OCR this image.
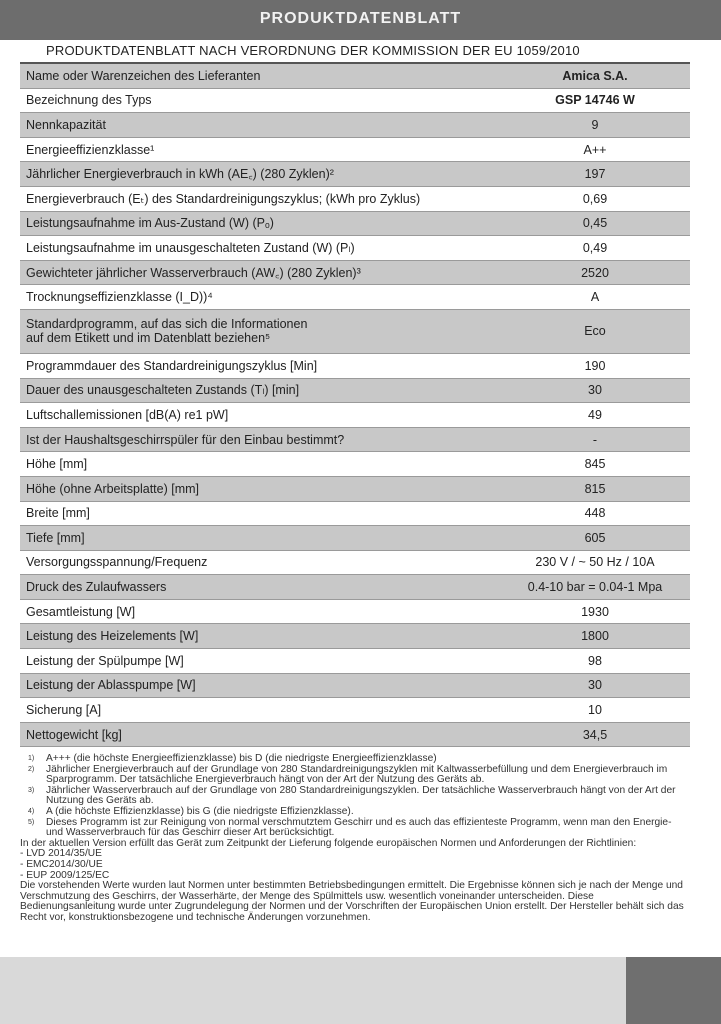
PRODUKTDATENBLATT
PRODUKTDATENBLATT NACH VERORDNUNG DER KOMMISSION DER EU 1059/2010
Name oder Warenzeichen des Lieferanten	Amica S.A.
Bezeichnung des Typs	GSP 14746 W
Nennkapazität	9
Energieeffizienzklasse¹	A++
Jährlicher Energieverbrauch in kWh (AE꜀) (280 Zyklen)²	197
Energieverbrauch (Eₜ) des Standardreinigungszyklus; (kWh pro Zyklus)	0,69
Leistungsaufnahme im Aus-Zustand (W) (Pₒ)	0,45
Leistungsaufnahme im unausgeschalteten Zustand (W) (Pₗ)	0,49
Gewichteter jährlicher Wasserverbrauch (AW꜀) (280 Zyklen)³	2520
Trocknungseffizienzklasse (I_D))⁴	A
Standardprogramm, auf das sich die Informationen
auf dem Etikett und im Datenblatt beziehen⁵	Eco
Programmdauer des Standardreinigungszyklus [Min]	190
Dauer des unausgeschalteten Zustands (Tₗ) [min]	30
Luftschallemissionen [dB(A) re1 pW]	49
Ist der Haushaltsgeschirrspüler für den Einbau bestimmt?	-
Höhe [mm]	845
Höhe (ohne Arbeitsplatte) [mm]	815
Breite [mm]	448
Tiefe [mm]	605
Versorgungsspannung/Frequenz	230 V / ~ 50 Hz / 10A
Druck des Zulaufwassers	0.4-10 bar = 0.04-1 Mpa
Gesamtleistung [W]	1930
Leistung des Heizelements [W]	1800
Leistung der Spülpumpe [W]	98
Leistung der Ablasspumpe [W]	30
Sicherung [A]	10
Nettogewicht [kg]	34,5
1)	A+++ (die höchste Energieeffizienzklasse) bis D (die niedrigste Energieeffizienzklasse)
2)	Jährlicher Energieverbrauch auf der Grundlage von 280 Standardreinigungszyklen mit Kaltwasserbefüllung und dem Energieverbrauch im Sparprogramm. Der tatsächliche Energieverbrauch hängt von der Art der Nutzung des Geräts ab.
3)	Jährlicher Wasserverbrauch auf der Grundlage von 280 Standardreinigungszyklen. Der tatsächliche Wasserverbrauch hängt von der Art der Nutzung des Geräts ab.
4)	A (die höchste Effizienzklasse) bis G (die niedrigste Effizienzklasse).
5)	Dieses Programm ist zur Reinigung von normal verschmutztem Geschirr und es auch das effizienteste Programm, wenn man den Energie- und Wasserverbrauch für das Geschirr dieser Art berücksichtigt.
In der aktuellen Version erfüllt das Gerät zum Zeitpunkt der Lieferung folgende europäischen Normen und Anforderungen der Richtlinien:
- LVD 2014/35/UE
- EMC2014/30/UE
- EUP 2009/125/EC
Die vorstehenden Werte wurden laut Normen unter bestimmten Betriebsbedingungen ermittelt. Die Ergebnisse können sich je nach der Menge und Verschmutzung des Geschirrs, der Wasserhärte, der Menge des Spülmittels usw. wesentlich voneinander unterscheiden. Diese Bedienungsanleitung wurde unter Zugrundelegung der Normen und der Vorschriften der Europäischen Union erstellt. Der Hersteller behält sich das Recht vor, konstruktionsbezogene und technische Änderungen vorzunehmen.
